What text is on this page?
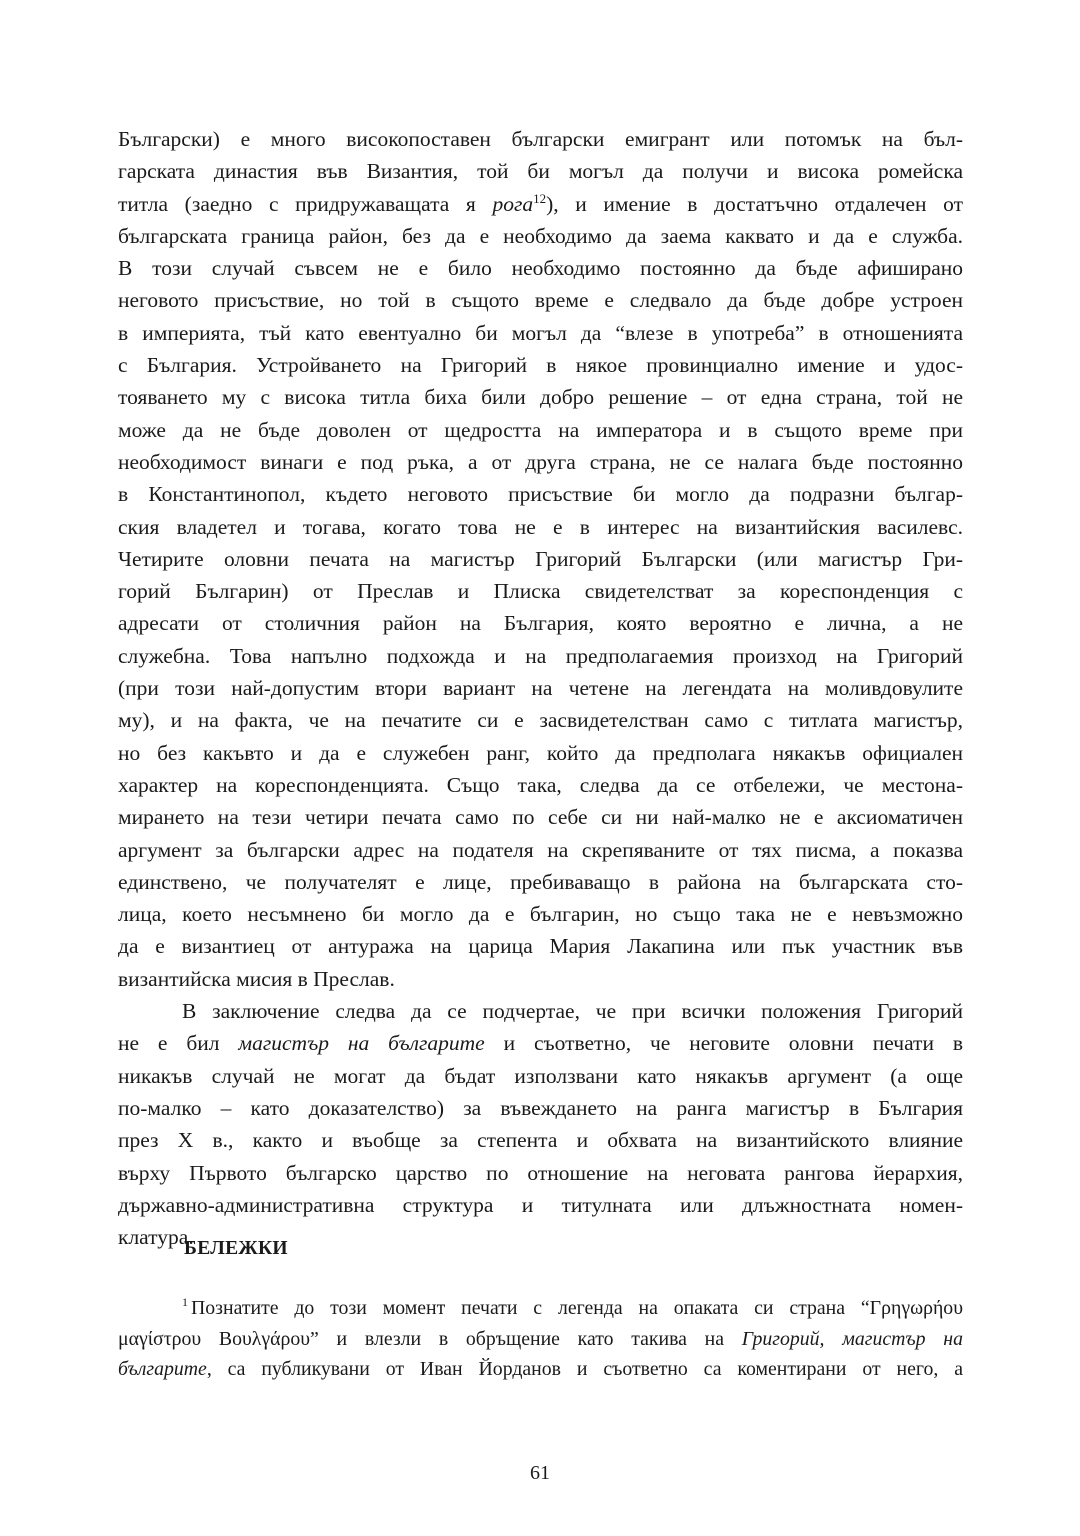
Български) е много високопоставен български емигрант или потомък на бъл-
гарската династия във Византия, той би могъл да получи и висока ромейска
титла (заедно с придружаващата я рога$^{12}$), и имение в достатъчно отдалечен от
българската граница район, без да е необходимо да заема каквато и да е служба.
В този случай съвсем не е било необходимо постоянно да бъде афиширано
неговото присъствие, но той в същото време е следвало да бъде добре устроен
в империята, тъй като евентуално би могъл да “влезе в употреба” в отношенията
с България. Устройването на Григорий в някое провинциално имение и удос-
тояването му с висока титла биха били добро решение – от една страна, той не
може да не бъде доволен от щедростта на императора и в същото време при
необходимост винаги е под ръка, а от друга страна, не се налага бъде постоянно
в Константинопол, където неговото присъствие би могло да подразни българ-
ския владетел и тогава, когато това не е в интерес на византийския василевс.
Четирите оловни печата на магистър Григорий Български (или магистър Гри-
горий Българин) от Преслав и Плиска свидетелстват за кореспонденция с
адресати от столичния район на България, която вероятно е лична, а не
служебна. Това напълно подхожда и на предполагаемия произход на Григорий
(при този най-допустим втори вариант на четене на легендата на моливдовулите
му), и на факта, че на печатите си е засвидетелстван само с титлата магистър,
но без какъвто и да е служебен ранг, който да предполага някакъв официален
характер на кореспонденцията. Също така, следва да се отбележи, че местона-
мирането на тези четири печата само по себе си ни най-малко не е аксиоматичен
аргумент за български адрес на подателя на скрепяваните от тях писма, а показва
единствено, че получателят е лице, пребиваващо в района на българската сто-
лица, което несъмнено би могло да е българин, но също така не е невъзможно
да е византиец от антуража на царица Мария Лакапина или пък участник във
византийска мисия в Преслав.
В заключение следва да се подчертае, че при всички положения Григорий
не е бил магистър на българите и съответно, че неговите оловни печати в
никакъв случай не могат да бъдат използвани като някакъв аргумент (а още
по-малко – като доказателство) за въвеждането на ранга магистър в България
през X в., както и въобще за степента и обхвата на византийското влияние
върху Първото българско царство по отношение на неговата рангова йерархия,
държавно-административна структура и титулната или длъжностната номен-
клатура.
БЕЛЕЖКИ
$^1$ Познатите до този момент печати с легенда на опаката си страна “Γρηγωρήου
μαγίστρου Βουλγάρου” и влезли в обръщение като такива на Григорий, магистър на
българите, са публикувани от Иван Йорданов и съответно са коментирани от него, а
61
